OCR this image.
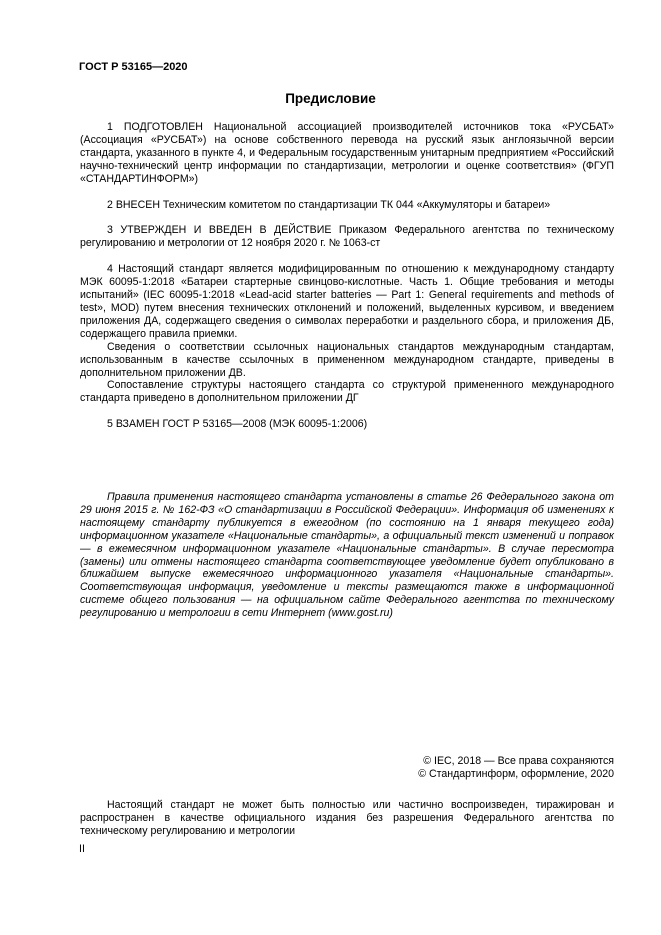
ГОСТ Р 53165—2020
Предисловие

1 ПОДГОТОВЛЕН Национальной ассоциацией производителей источников тока «РУСБАТ» (Ассоциация «РУСБАТ») на основе собственного перевода на русский язык англоязычной версии стандарта, указанного в пункте 4, и Федеральным государственным унитарным предприятием «Российский научно-технический центр информации по стандартизации, метрологии и оценке соответствия» (ФГУП «СТАНДАРТИНФОРМ»)

2 ВНЕСЕН Техническим комитетом по стандартизации ТК 044 «Аккумуляторы и батареи»

3 УТВЕРЖДЕН И ВВЕДЕН В ДЕЙСТВИЕ Приказом Федерального агентства по техническому регулированию и метрологии от 12 ноября 2020 г. № 1063-ст

4 Настоящий стандарт является модифицированным по отношению к международному стандарту МЭК 60095-1:2018 «Батареи стартерные свинцово-кислотные. Часть 1. Общие требования и методы испытаний» (IEC 60095-1:2018 «Lead-acid starter batteries — Part 1: General requirements and methods of test», MOD) путем внесения технических отклонений и положений, выделенных курсивом, и введением приложения ДА, содержащего сведения о символах переработки и раздельного сбора, и приложения ДБ, содержащего правила приемки.

Сведения о соответствии ссылочных национальных стандартов международным стандартам, использованным в качестве ссылочных в примененном международном стандарте, приведены в дополнительном приложении ДВ.

Сопоставление структуры настоящего стандарта со структурой примененного международного стандарта приведено в дополнительном приложении ДГ

5 ВЗАМЕН ГОСТ Р 53165—2008 (МЭК 60095-1:2006)

Правила применения настоящего стандарта установлены в статье 26 Федерального закона от 29 июня 2015 г. № 162-ФЗ «О стандартизации в Российской Федерации». Информация об изменениях к настоящему стандарту публикуется в ежегодном (по состоянию на 1 января текущего года) информационном указателе «Национальные стандарты», а официальный текст изменений и поправок — в ежемесячном информационном указателе «Национальные стандарты». В случае пересмотра (замены) или отмены настоящего стандарта соответствующее уведомление будет опубликовано в ближайшем выпуске ежемесячного информационного указателя «Национальные стандарты». Соответствующая информация, уведомление и тексты размещаются также в информационной системе общего пользования — на официальном сайте Федерального агентства по техническому регулированию и метрологии в сети Интернет (www.gost.ru)

© IEC, 2018 — Все права сохраняются
© Стандартинформ, оформление, 2020

Настоящий стандарт не может быть полностью или частично воспроизведен, тиражирован и распространен в качестве официального издания без разрешения Федерального агентства по техническому регулированию и метрологии

II
